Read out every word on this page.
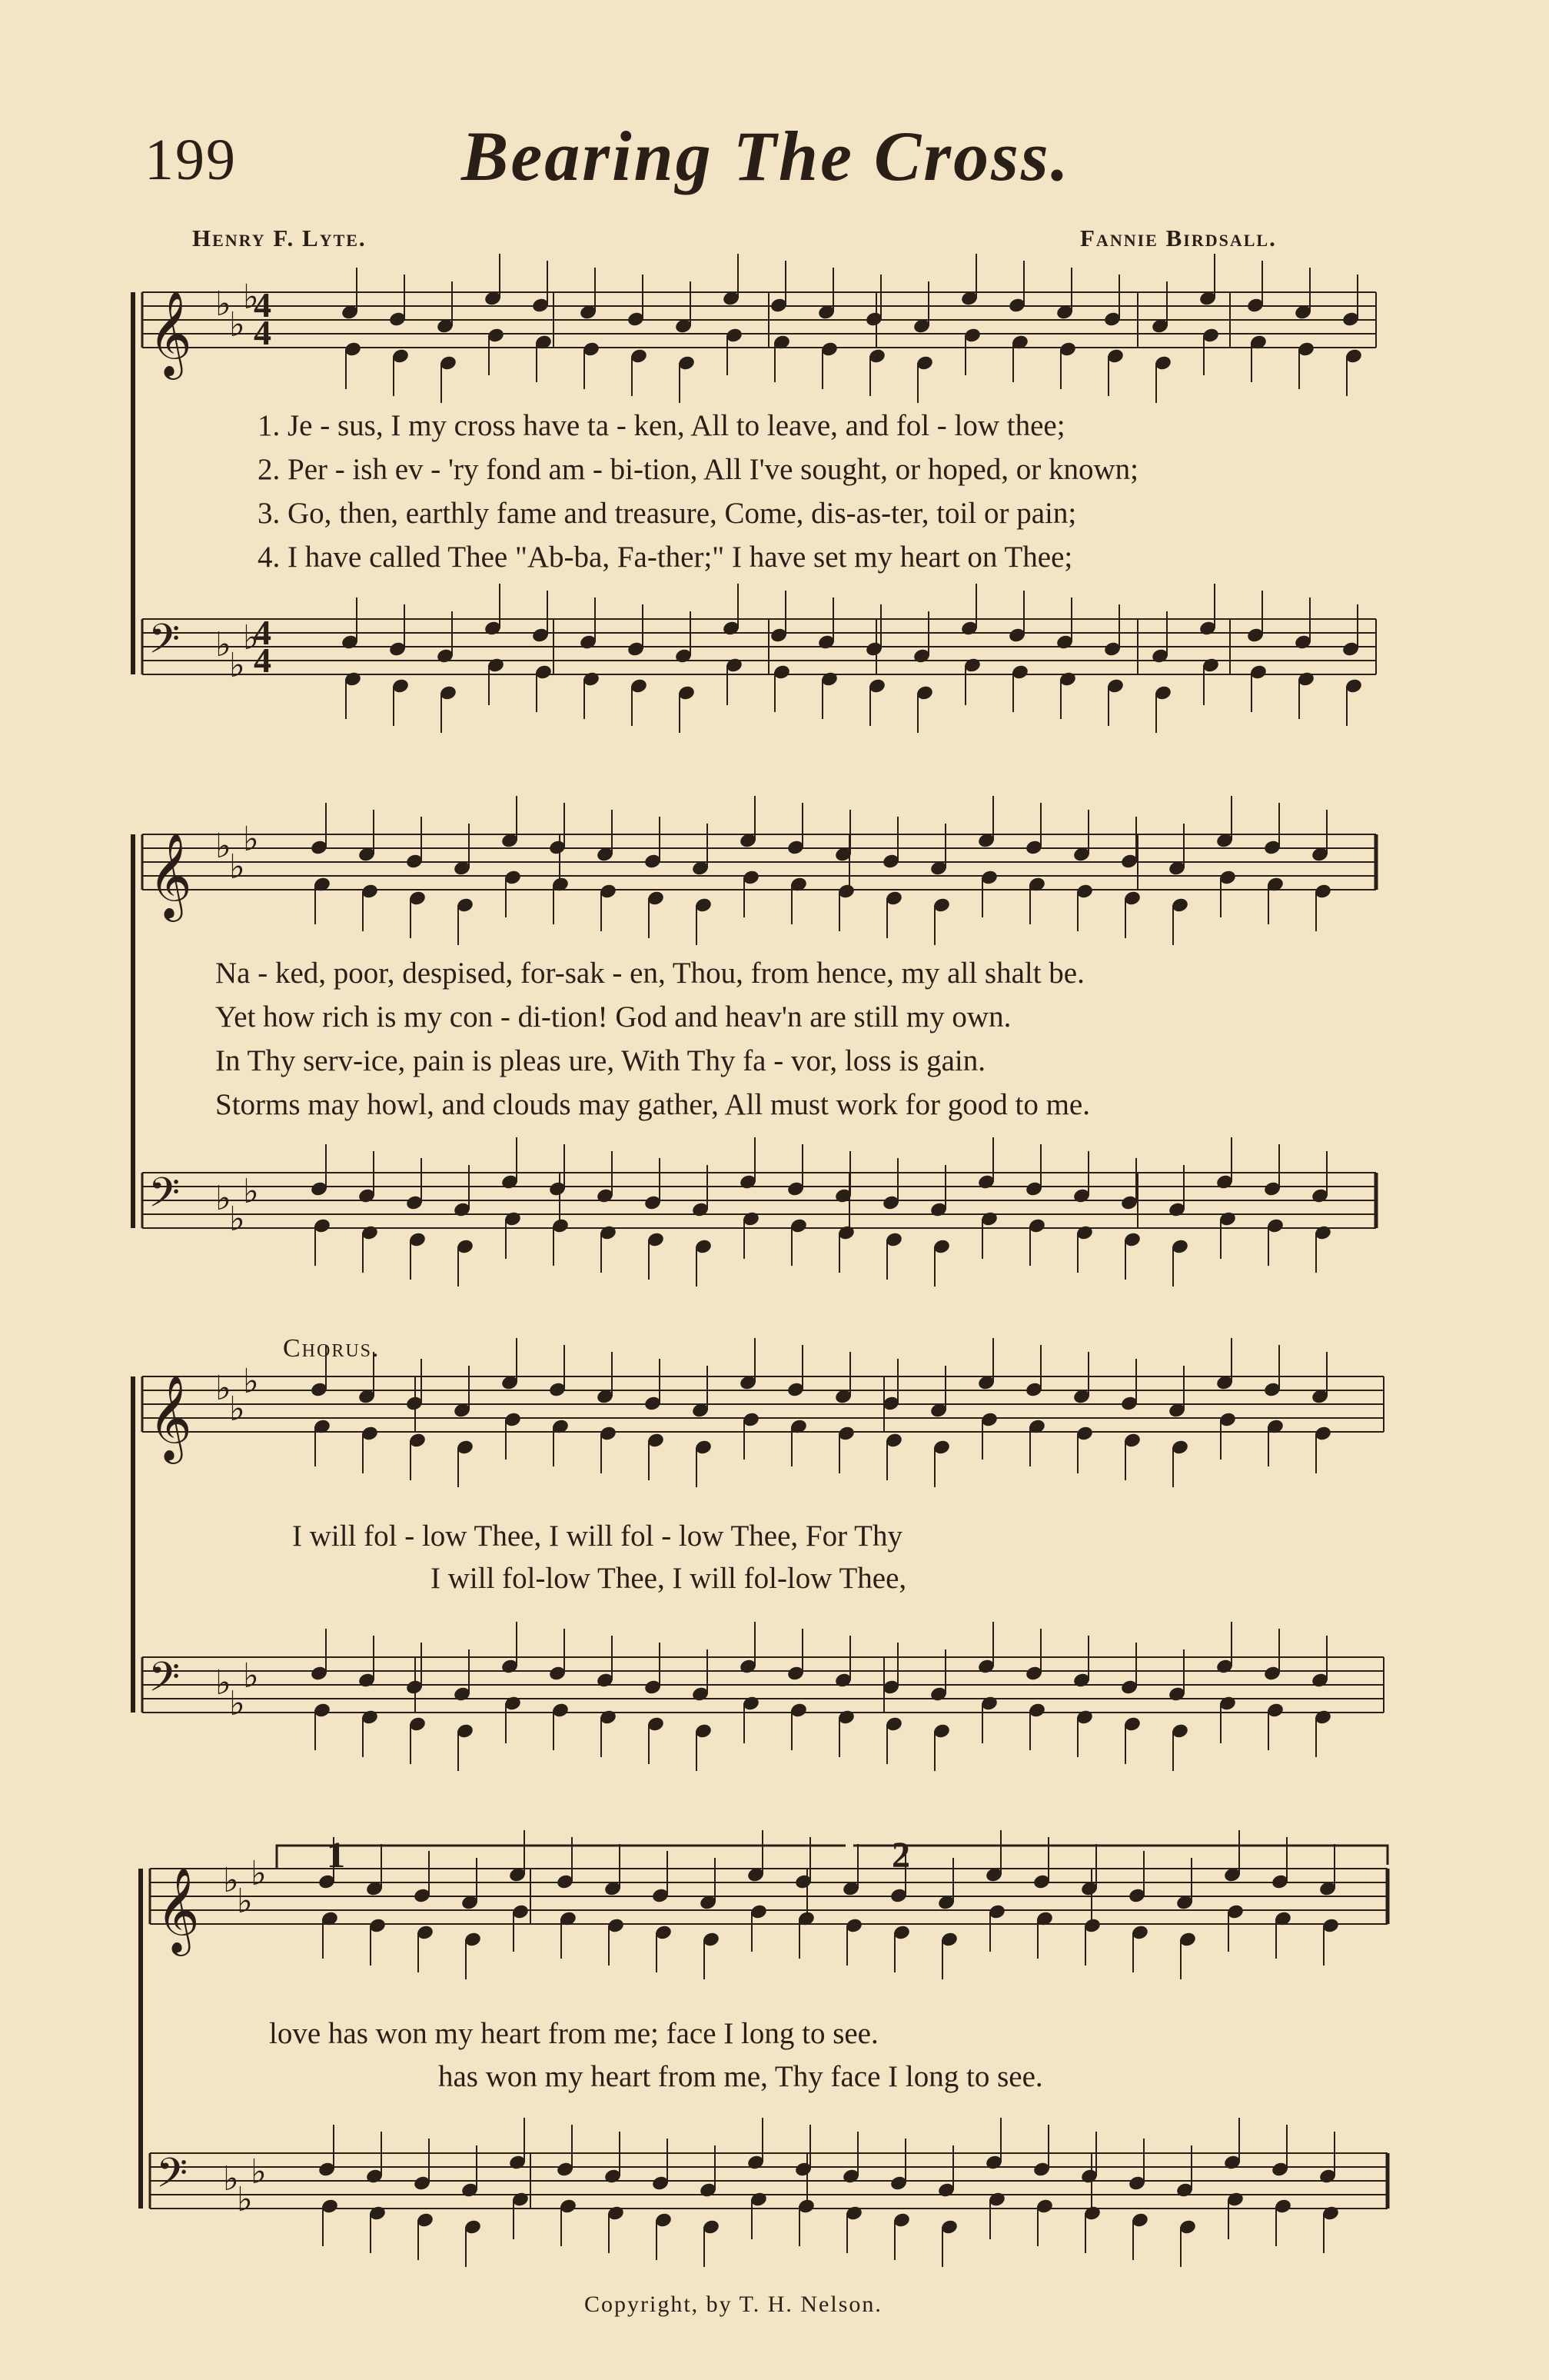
𝄞 ♭
♭
♭
𝄢 ♭
♭
♭
𝄞 ♭
♭
♭
𝄢 ♭
♭
♭
𝄞 ♭
♭
♭
𝄢 ♭
♭
♭
𝄞 ♭
♭
♭
𝄢 ♭
♭
♭
4
4
4
4
199	Bearing The Cross.
Henry F. Lyte.	Fannie Birdsall.
1. Je - sus, I my cross have ta - ken, All to leave, and fol - low thee;
2. Per - ish ev - 'ry fond am - bi-tion, All I've sought, or hoped, or known;
3. Go, then, earthly fame and treasure, Come, dis-as-ter, toil or pain;
4. I have called Thee "Ab-ba, Fa-ther;" I have set my heart on Thee;
Na - ked, poor, despised, for-sak - en, Thou, from hence, my all shalt be.
Yet how rich is my con - di-tion! God and heav'n are still my own.
In Thy serv-ice, pain is pleas ure, With Thy fa - vor, loss is gain.
Storms may howl, and clouds may gather, All must work for good to me.
Chorus.
I will fol - low Thee, I will fol - low Thee, For Thy
I will fol-low Thee, I will fol-low Thee,
1	2
love has won my heart from me; face I long to see.
has won my heart from me, Thy face I long to see.
Copyright, by T. H. Nelson.
